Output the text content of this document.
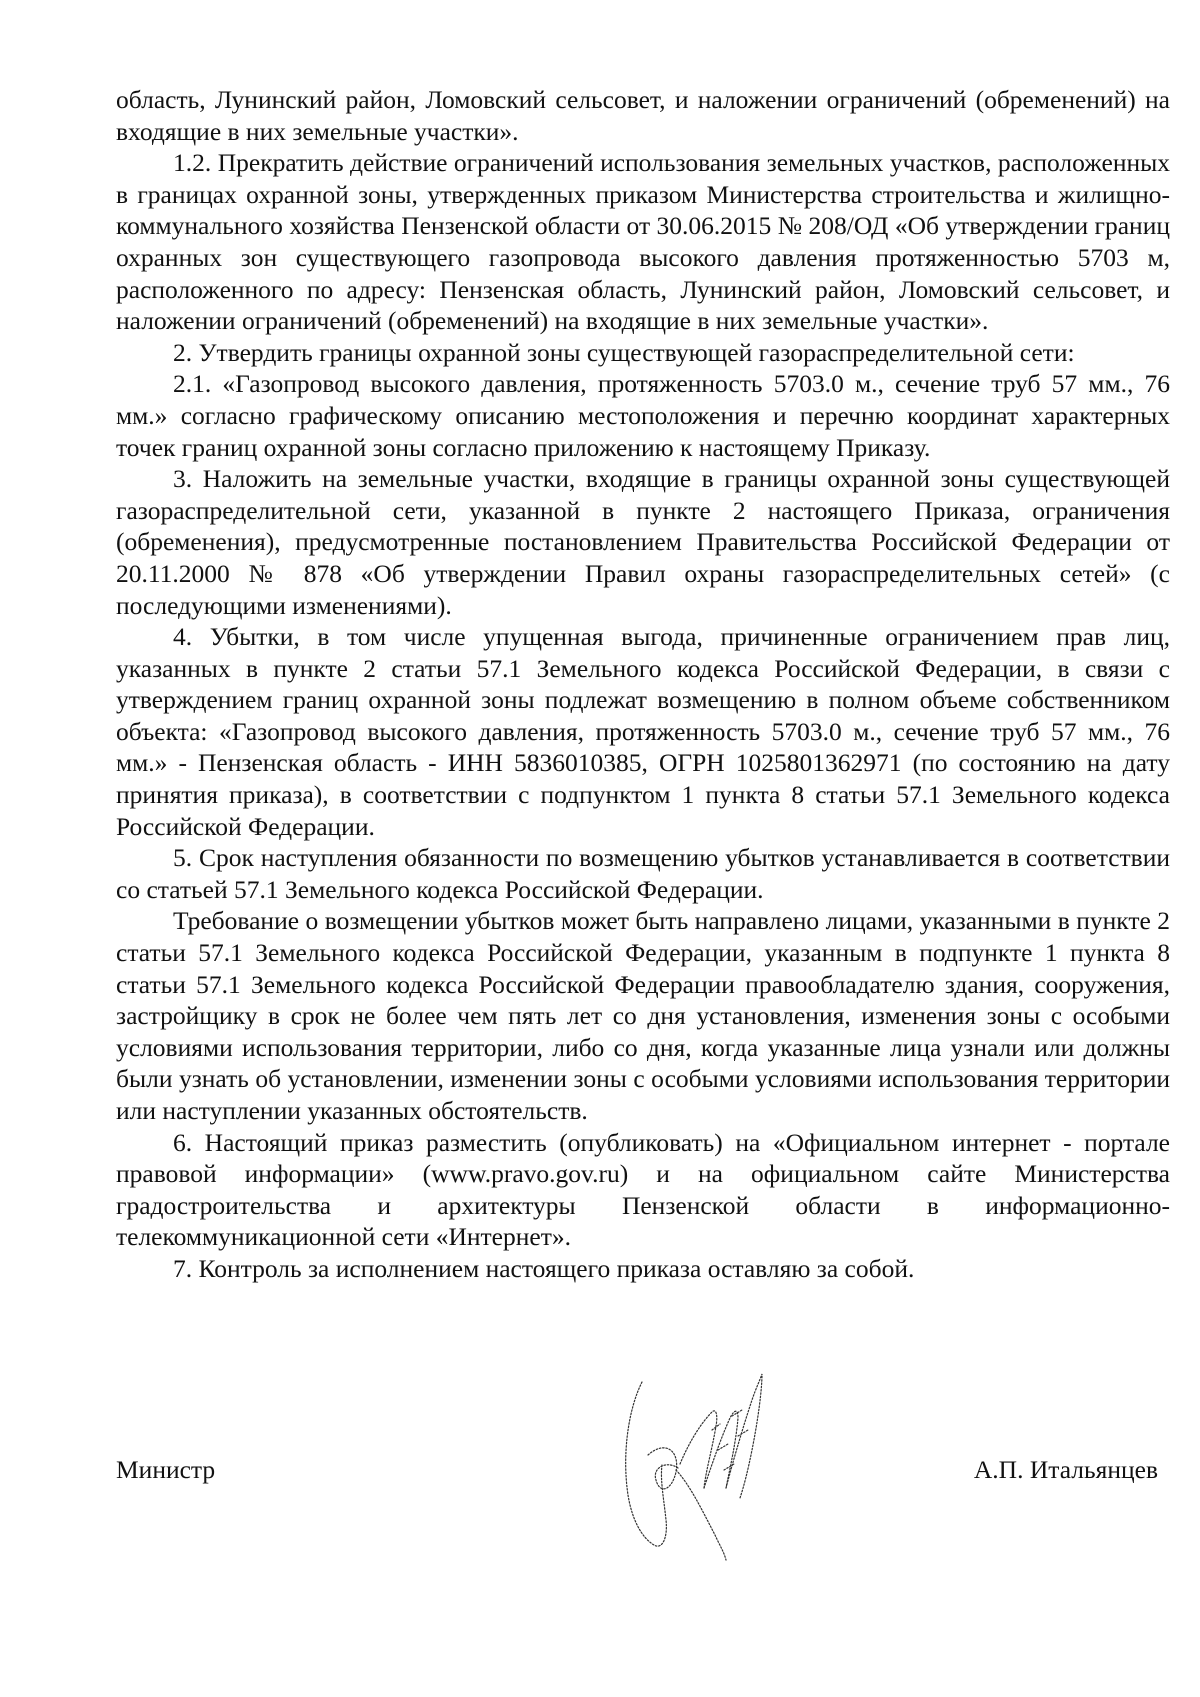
область, Лунинский район, Ломовский сельсовет, и наложении ограничений (обременений) на входящие в них земельные участки».

1.2. Прекратить действие ограничений использования земельных участков, расположенных в границах охранной зоны, утвержденных приказом Министерства строительства и жилищно-коммунального хозяйства Пензенской области от 30.06.2015 № 208/ОД «Об утверждении границ охранных зон существующего газопровода высокого давления протяженностью 5703 м, расположенного по адресу: Пензенская область, Лунинский район, Ломовский сельсовет, и наложении ограничений (обременений) на входящие в них земельные участки».

2. Утвердить границы охранной зоны существующей газораспределительной сети:

2.1. «Газопровод высокого давления, протяженность 5703.0 м., сечение труб 57 мм., 76 мм.» согласно графическому описанию местоположения и перечню координат характерных точек границ охранной зоны согласно приложению к настоящему Приказу.

3. Наложить на земельные участки, входящие в границы охранной зоны существующей газораспределительной сети, указанной в пункте 2 настоящего Приказа, ограничения (обременения), предусмотренные постановлением Правительства Российской Федерации от 20.11.2000 № 878 «Об утверждении Правил охраны газораспределительных сетей» (с последующими изменениями).

4. Убытки, в том числе упущенная выгода, причиненные ограничением прав лиц, указанных в пункте 2 статьи 57.1 Земельного кодекса Российской Федерации, в связи с утверждением границ охранной зоны подлежат возмещению в полном объеме собственником объекта: «Газопровод высокого давления, протяженность 5703.0 м., сечение труб 57 мм., 76 мм.» - Пензенская область - ИНН 5836010385, ОГРН 1025801362971 (по состоянию на дату принятия приказа), в соответствии с подпунктом 1 пункта 8 статьи 57.1 Земельного кодекса Российской Федерации.

5. Срок наступления обязанности по возмещению убытков устанавливается в соответствии со статьей 57.1 Земельного кодекса Российской Федерации.

Требование о возмещении убытков может быть направлено лицами, указанными в пункте 2 статьи 57.1 Земельного кодекса Российской Федерации, указанным в подпункте 1 пункта 8 статьи 57.1 Земельного кодекса Российской Федерации правообладателю здания, сооружения, застройщику в срок не более чем пять лет со дня установления, изменения зоны с особыми условиями использования территории, либо со дня, когда указанные лица узнали или должны были узнать об установлении, изменении зоны с особыми условиями использования территории или наступлении указанных обстоятельств.

6. Настоящий приказ разместить (опубликовать) на «Официальном интернет - портале правовой информации» (www.pravo.gov.ru) и на официальном сайте Министерства градостроительства и архитектуры Пензенской области в информационно-телекоммуникационной сети «Интернет».

7. Контроль за исполнением настоящего приказа оставляю за собой.

Министр	А.П. Итальянцев
